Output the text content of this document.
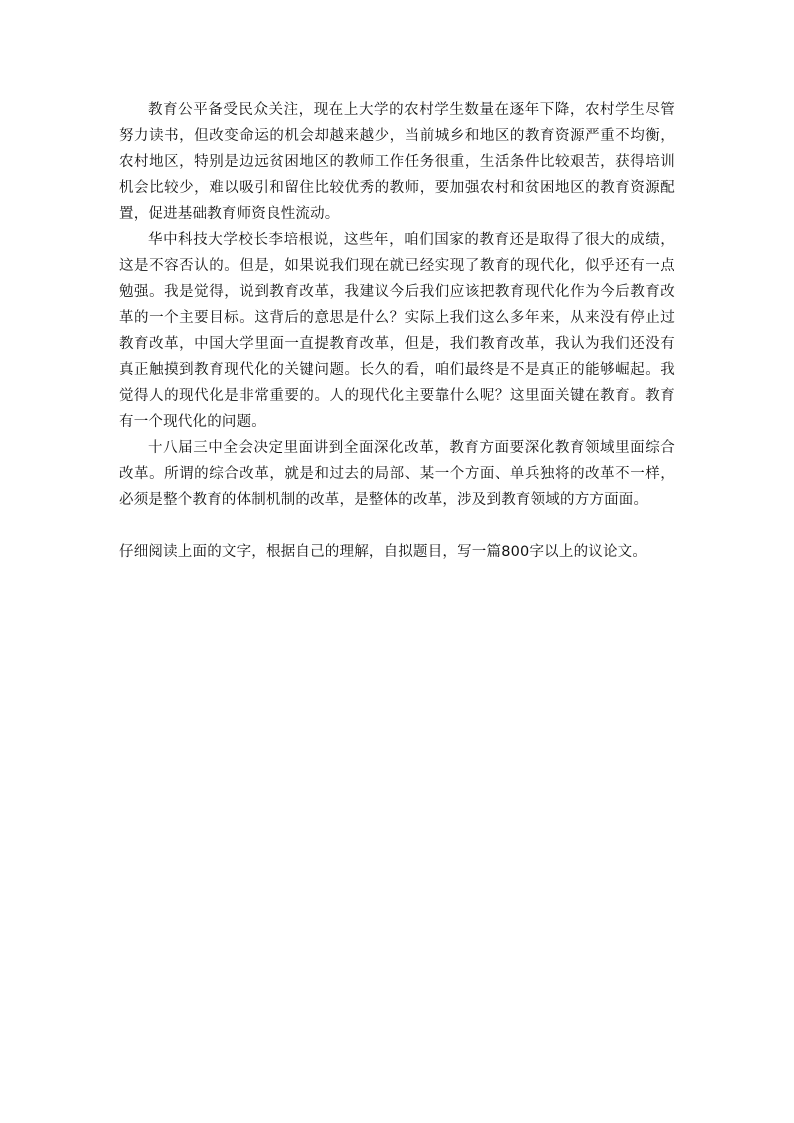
教育公平备受民众关注，现在上大学的农村学生数量在逐年下降，农村学生尽管努力读书，但改变命运的机会却越来越少，当前城乡和地区的教育资源严重不均衡，农村地区，特别是边远贫困地区的教师工作任务很重，生活条件比较艰苦，获得培训机会比较少，难以吸引和留住比较优秀的教师，要加强农村和贫困地区的教育资源配置，促进基础教育师资良性流动。

华中科技大学校长李培根说，这些年，咱们国家的教育还是取得了很大的成绩，这是不容否认的。但是，如果说我们现在就已经实现了教育的现代化，似乎还有一点勉强。我是觉得，说到教育改革，我建议今后我们应该把教育现代化作为今后教育改革的一个主要目标。这背后的意思是什么？实际上我们这么多年来，从来没有停止过教育改革，中国大学里面一直提教育改革，但是，我们教育改革，我认为我们还没有真正触摸到教育现代化的关键问题。长久的看，咱们最终是不是真正的能够崛起。我觉得人的现代化是非常重要的。人的现代化主要靠什么呢？这里面关键在教育。教育有一个现代化的问题。

十八届三中全会决定里面讲到全面深化改革，教育方面要深化教育领域里面综合改革。所谓的综合改革，就是和过去的局部、某一个方面、单兵独将的改革不一样，必须是整个教育的体制机制的改革，是整体的改革，涉及到教育领域的方方面面。

仔细阅读上面的文字，根据自己的理解，自拟题目，写一篇800字以上的议论文。
